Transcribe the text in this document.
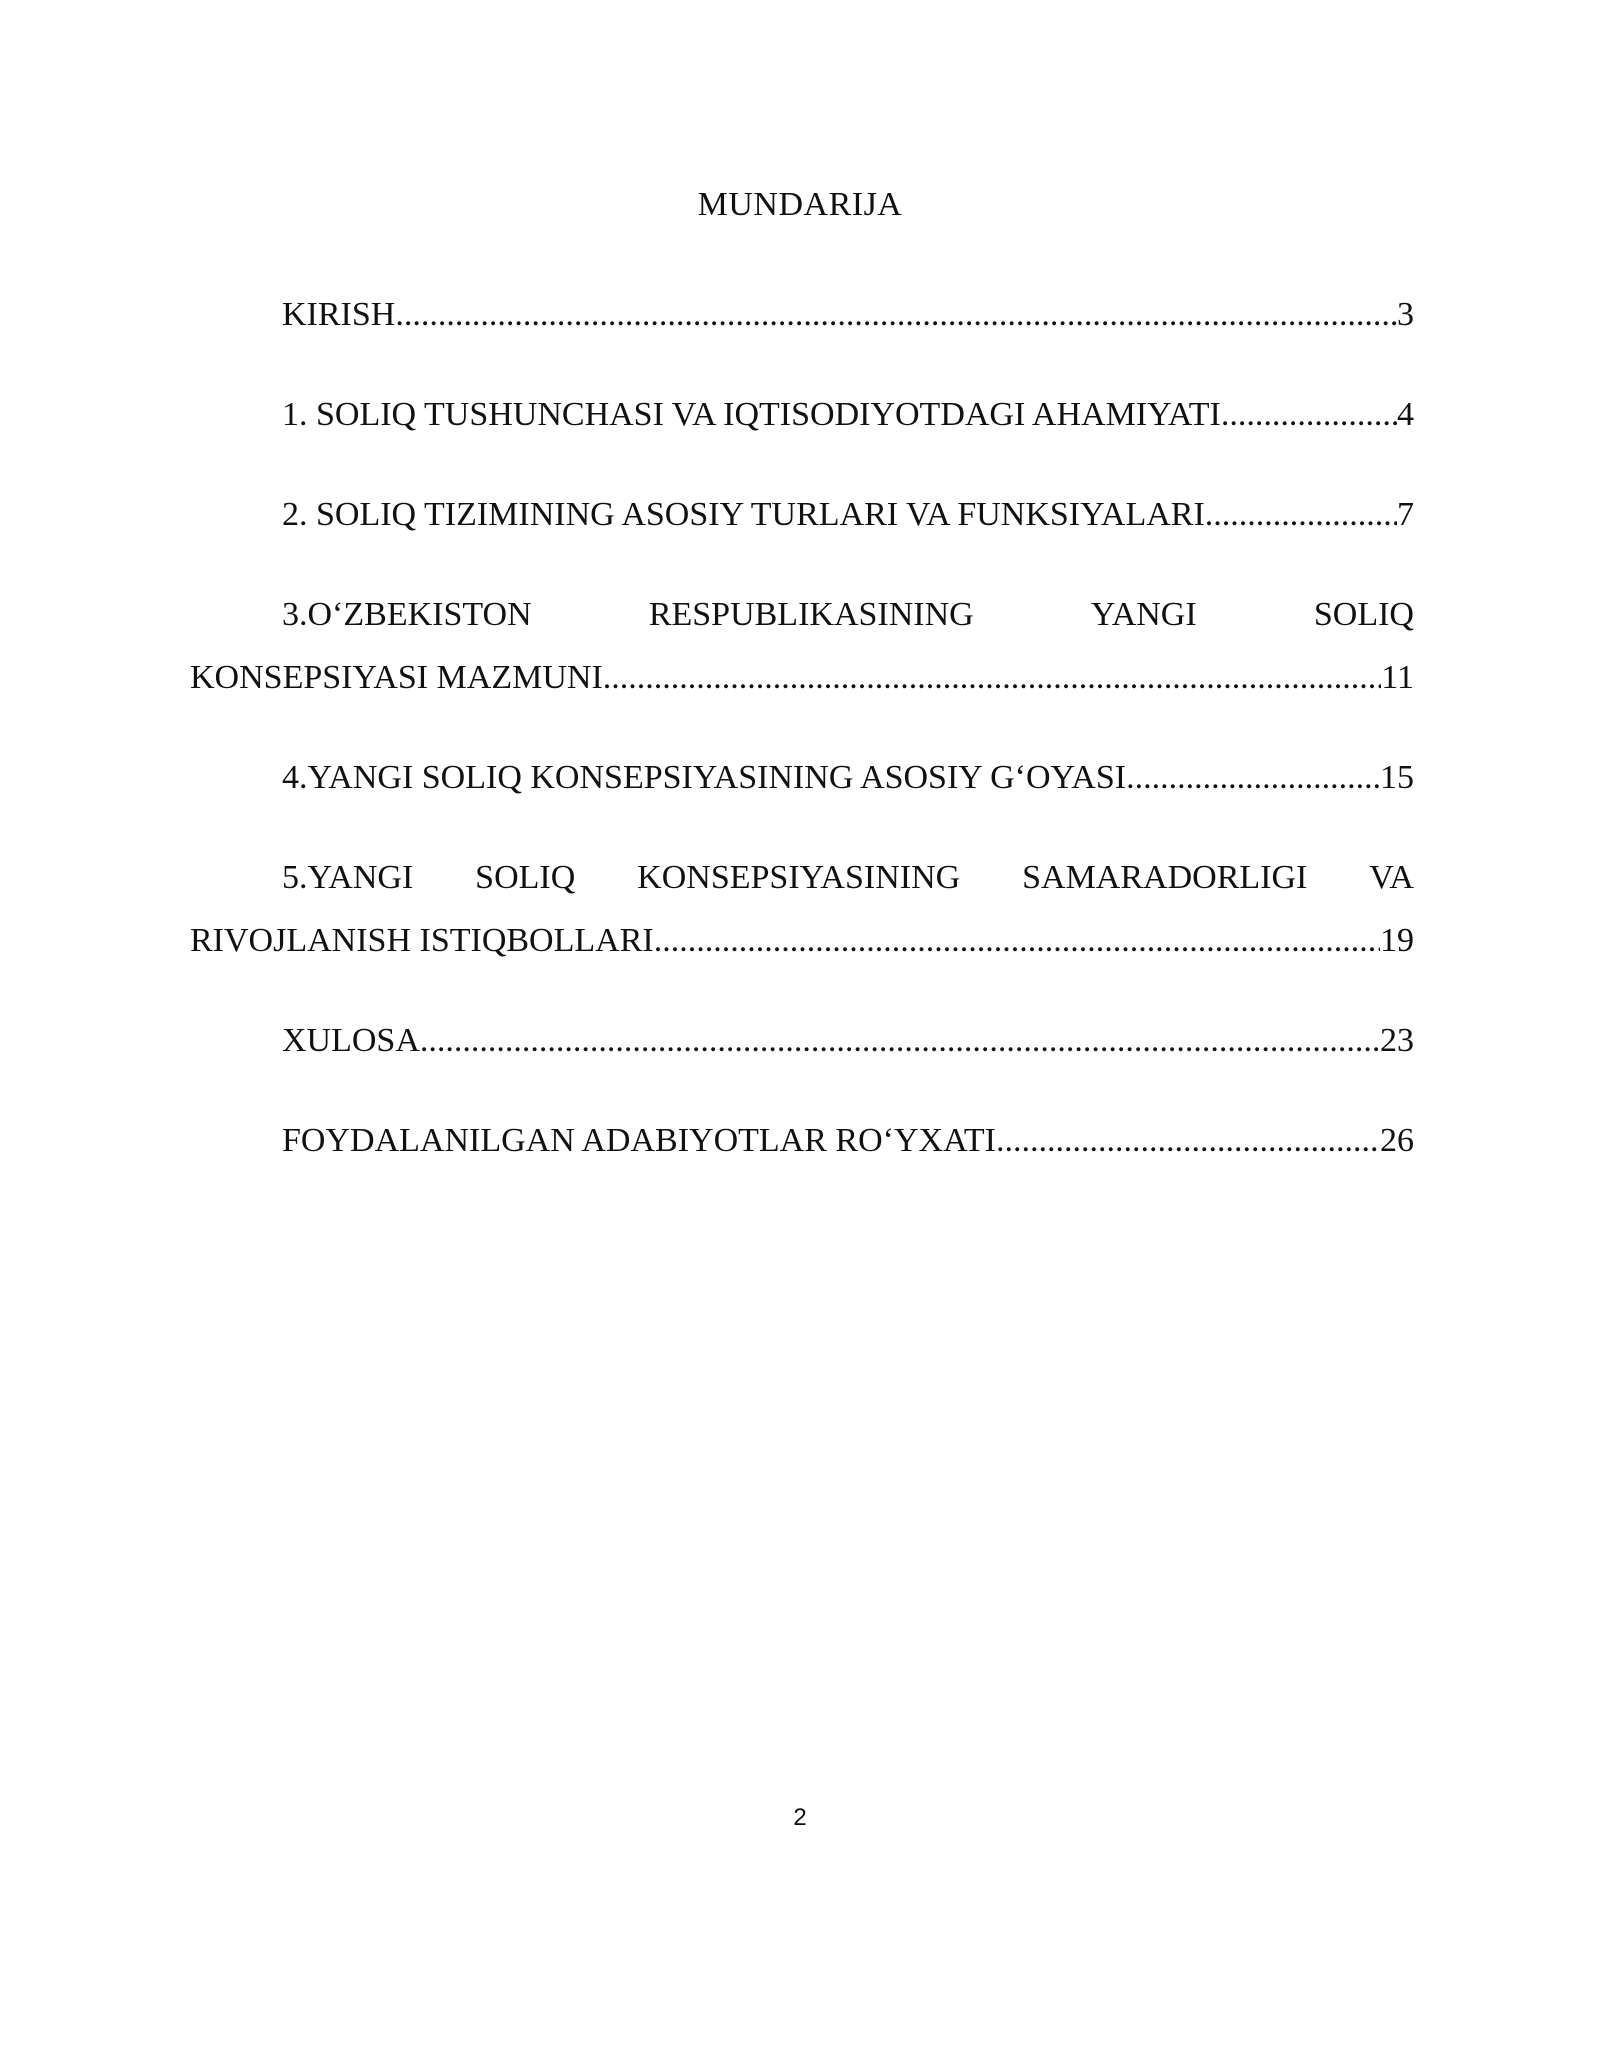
MUNDARIJA
KIRISH .....	3
1. SOLIQ TUSHUNCHASI VA IQTISODIYOTDAGI AHAMIYATI .....	4
2. SOLIQ TIZIMINING ASOSIY TURLARI VA FUNKSIYALARI .....	7
3.O‘ZBEKISTON	RESPUBLIKASINING	YANGI	SOLIQ
KONSEPSIYASI MAZMUNI .....	11
4.YANGI SOLIQ KONSEPSIYASINING ASOSIY G‘OYASI .....	15
5.YANGI SOLIQ KONSEPSIYASINING SAMARADORLIGI VA
RIVOJLANISH ISTIQBOLLARI .....	19
XULOSA .....	23
FOYDALANILGAN ADABIYOTLAR RO‘YXATI .....	26
2
